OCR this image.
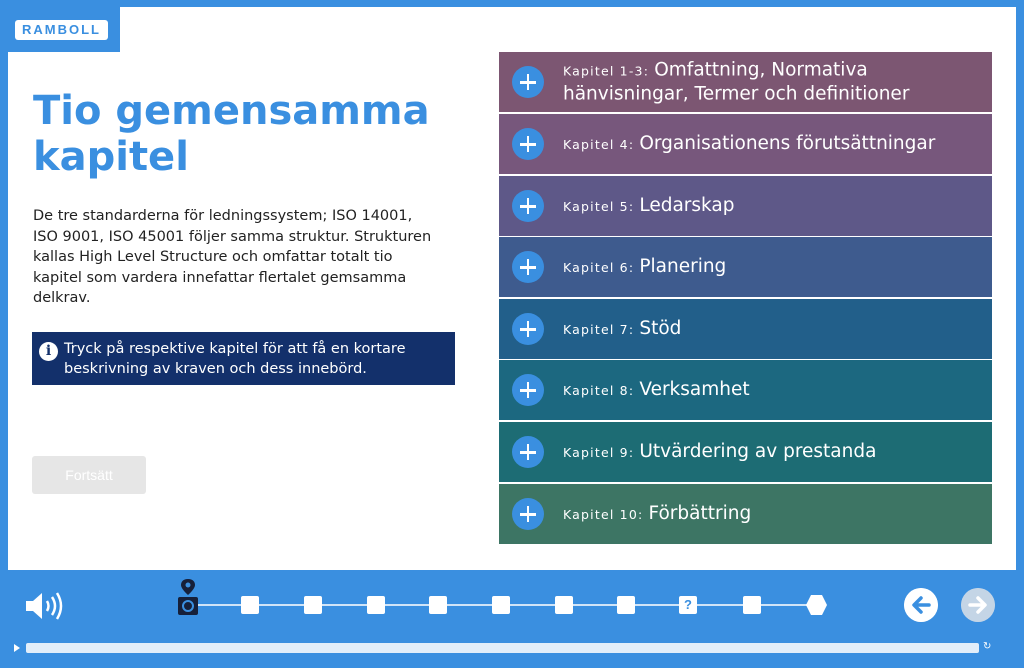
RAMBOLL
Tio gemensamma kapitel

De tre standarderna för ledningssystem; ISO 14001, ISO 9001, ISO 45001 följer samma struktur. Strukturen kallas High Level Structure och omfattar totalt tio kapitel som vardera innefattar flertalet gemsamma delkrav.

i Tryck på respektive kapitel för att få en kortare beskrivning av kraven och dess innebörd.
Fortsätt
Kapitel 1-3: Omfattning, Normativa hänvisningar, Termer och definitioner
Kapitel 4: Organisationens förutsättningar
Kapitel 5: Ledarskap
Kapitel 6: Planering
Kapitel 7: Stöd
Kapitel 8: Verksamhet
Kapitel 9: Utvärdering av prestanda
Kapitel 10: Förbättring
?
↻
